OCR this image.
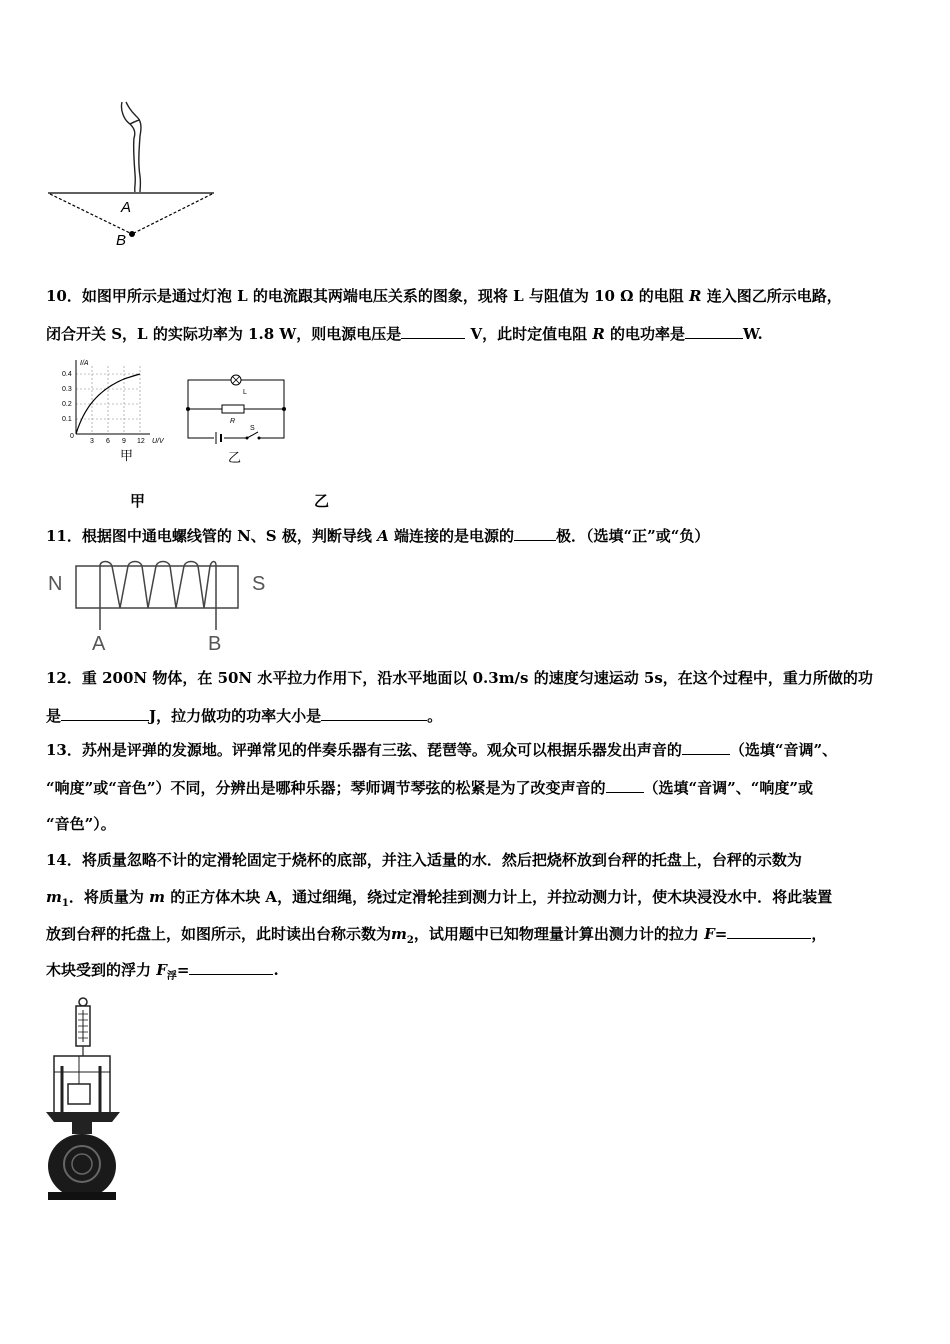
A
B
10．如图甲所示是通过灯泡 L 的电流跟其两端电压关系的图象，现将 L 与阻值为 10 Ω 的电阻 R 连入图乙所示电路，
闭合开关 S，L 的实际功率为 1.8 W，则电源电压是	V，此时定值电阻 R 的电功率是	W.
I/A
U/V
0.4
0.3
0.2
0.1
0
3 6 9 12
甲
L
R
S
乙
甲	乙
11．根据图中通电螺线管的 N、S 极，判断导线 A 端连接的是电源的	极．（选填“正”或“负）
N	S
A	B
12．重 200N 物体，在 50N 水平拉力作用下，沿水平地面以 0.3m/s 的速度匀速运动 5s，在这个过程中，重力所做的功
是	J，拉力做功的功率大小是	。
13．苏州是评弹的发源地。评弹常见的伴奏乐器有三弦、琵琶等。观众可以根据乐器发出声音的	（选填“音调”、
“响度”或“音色”）不同，分辨出是哪种乐器；琴师调节琴弦的松紧是为了改变声音的	（选填“音调”、“响度”或
“音色”）。
14．将质量忽略不计的定滑轮固定于烧杯的底部，并注入适量的水．然后把烧杯放到台秤的托盘上，台秤的示数为
$m_1$．将质量为 m 的正方体木块 A，通过细绳，绕过定滑轮挂到测力计上，并拉动测力计，使木块浸没水中．将此装置
放到台秤的托盘上，如图所示，此时读出台称示数为$m_2$，试用题中已知物理量计算出测力计的拉力 F=	，
木块受到的浮力 $F_浮=$	.
